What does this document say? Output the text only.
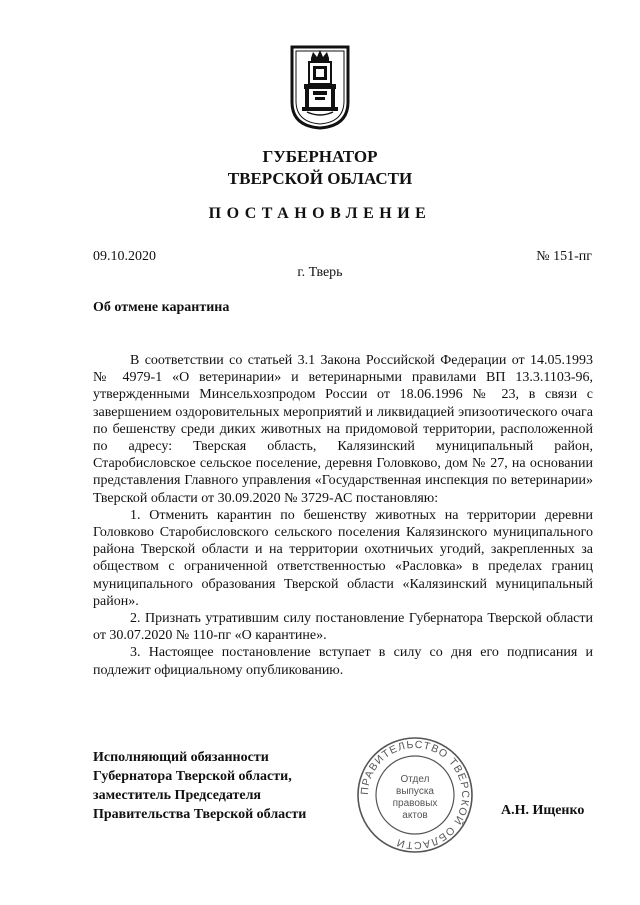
ГУБЕРНАТОР
ТВЕРСКОЙ ОБЛАСТИ
ПОСТАНОВЛЕНИЕ
09.10.2020	№ 151-пг
г. Тверь
Об отмене карантина

В соответствии со статьей 3.1 Закона Российской Федерации от 14.05.1993 № 4979-1 «О ветеринарии» и ветеринарными правилами ВП 13.3.1103-96, утвержденными Минсельхозпродом России от 18.06.1996 № 23, в связи с завершением оздоровительных мероприятий и ликвидацией эпизоотического очага по бешенству среди диких животных на придомовой территории, расположенной по адресу: Тверская область, Калязинский муниципальный район, Старобисловское сельское поселение, деревня Головково, дом № 27, на основании представления Главного управления «Государственная инспекция по ветеринарии» Тверской области от 30.09.2020 № 3729-АС постановляю:

1. Отменить карантин по бешенству животных на территории деревни Головково Старобисловского сельского поселения Калязинского муниципального района Тверской области и на территории охотничьих угодий, закрепленных за обществом с ограниченной ответственностью «Расловка» в пределах границ муниципального образования Тверской области «Калязинский муниципальный район».

2. Признать утратившим силу постановление Губернатора Тверской области от 30.07.2020 № 110-пг «О карантине».

3. Настоящее постановление вступает в силу со дня его подписания и подлежит официальному опубликованию.

Исполняющий обязанности
Губернатора Тверской области,
заместитель Председателя
Правительства Тверской области
ПРАВИТЕЛЬСТВО ТВЕРСКОЙ ОБЛАСТИ
Отдел
выпуска
правовых
актов	А.Н. Ищенко
